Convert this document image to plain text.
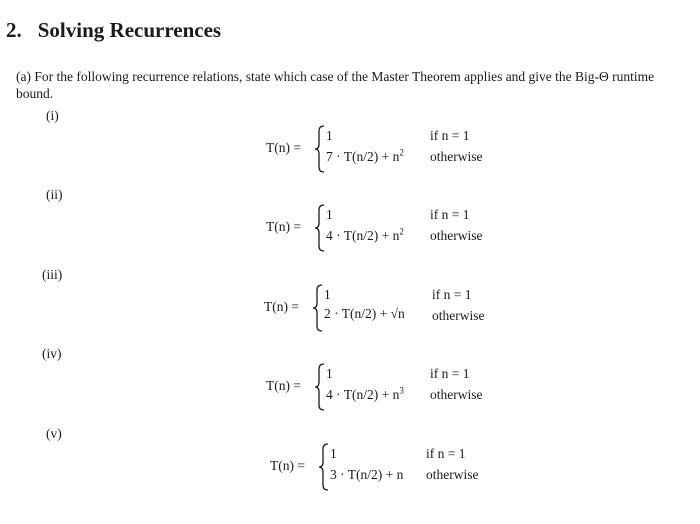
2. Solving Recurrences
(a) For the following recurrence relations, state which case of the Master Theorem applies and give the Big-Θ runtime bound.
(i)
T(n) =
1	if n = 1
$7 \cdot T(n/2) + n^2$ otherwise
(ii)
T(n) =
1	if n = 1
$4 \cdot T(n/2) + n^2$ otherwise
(iii)
T(n) =
1	if n = 1
2 · T(n/2) + √n otherwise
(iv)
T(n) =
1	if n = 1
$4 \cdot T(n/2) + n^3$ otherwise
(v)
T(n) =
1	if n = 1
3 · T(n/2) + n otherwise
